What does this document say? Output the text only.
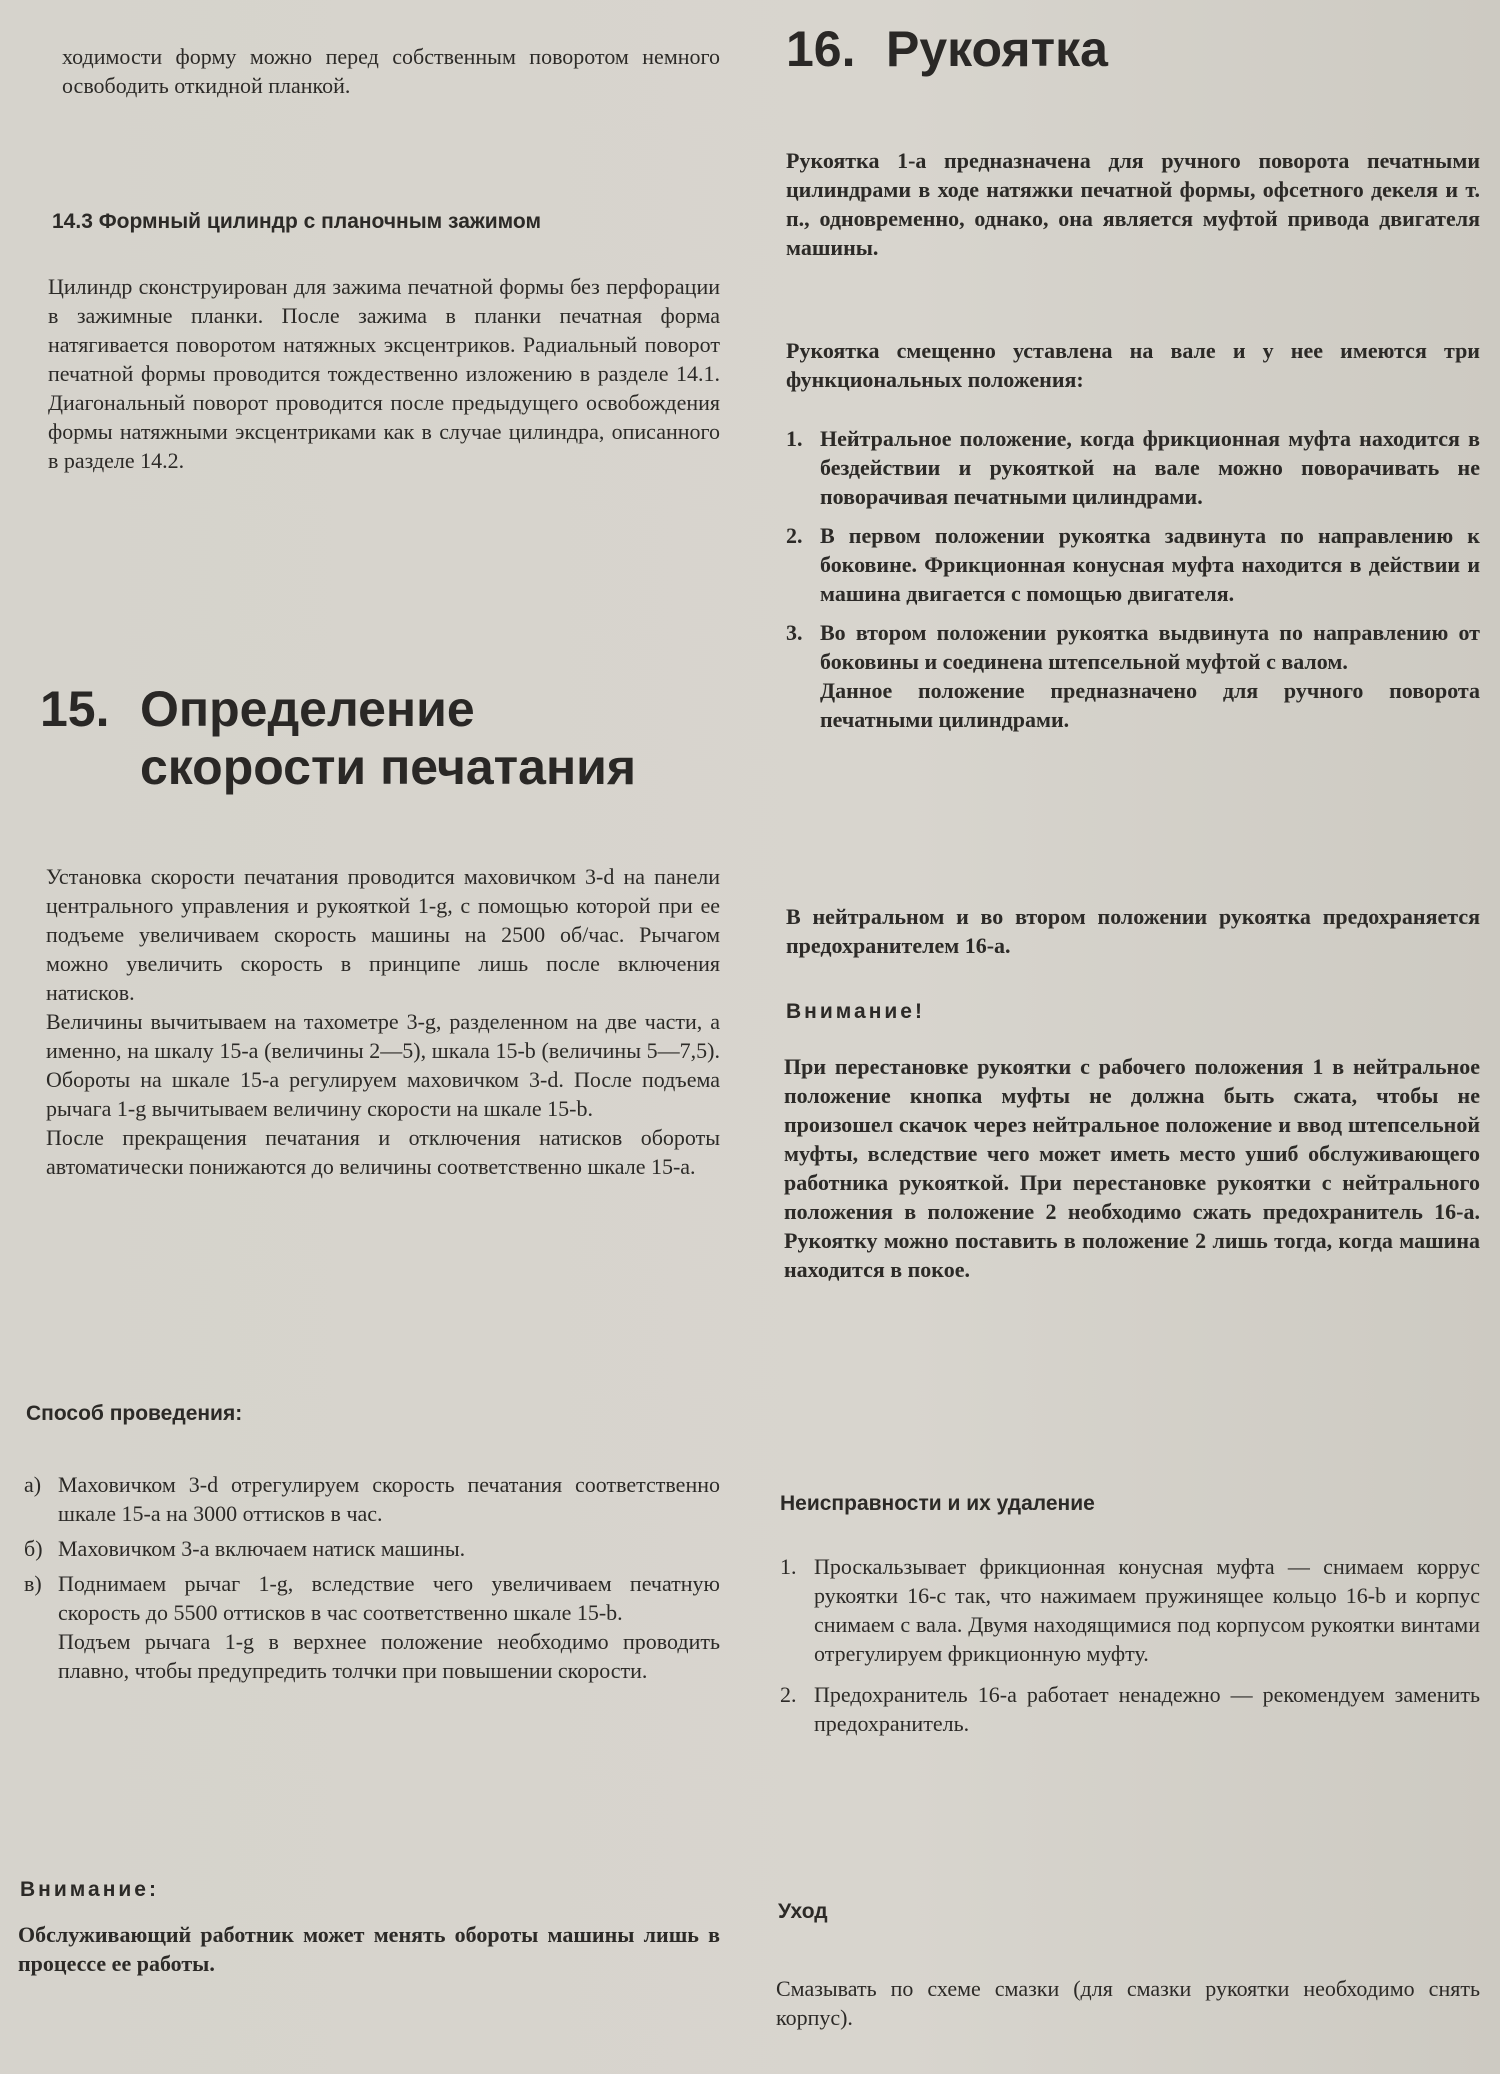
ходимости форму можно перед собственным поворотом немного освободить откидной планкой.

14.3 Формный цилиндр с планочным зажимом

Цилиндр сконструирован для зажима печатной формы без перфорации в зажимные планки. После зажима в планки печатная форма натягивается поворотом натяжных эксцентриков. Радиальный поворот печатной формы проводится тождественно изложению в разделе 14.1. Диагональный поворот проводится после предыдущего освобождения формы натяжными эксцентриками как в случае цилиндра, описанного в разделе 14.2.

15. Определение
скорости печатания

Установка скорости печатания проводится маховичком 3-d на панели центрального управления и рукояткой 1-g, с помощью которой при ее подъеме увеличиваем скорость машины на 2500 об/час. Рычагом можно увеличить скорость в принципе лишь после включения натисков.

Величины вычитываем на тахометре 3-g, разделенном на две части, а именно, на шкалу 15-а (величины 2—5), шкала 15-b (величины 5—7,5). Обороты на шкале 15-а регулируем маховичком 3-d. После подъема рычага 1-g вычитываем величину скорости на шкале 15-b.

После прекращения печатания и отключения натисков обороты автоматически понижаются до величины соответственно шкале 15-а.

Способ проведения:

а) Маховичком 3-d отрегулируем скорость печатания соответственно шкале 15-а на 3000 оттисков в час.

б) Маховичком 3-а включаем натиск машины.

в) Поднимаем рычаг 1-g, вследствие чего увеличиваем печатную скорость до 5500 оттисков в час соответственно шкале 15-b.

Подъем рычага 1-g в верхнее положение необходимо проводить плавно, чтобы предупредить толчки при повышении скорости.

Внимание:

Обслуживающий работник может менять обороты машины лишь в процессе ее работы.

16. Рукоятка

Рукоятка 1-а предназначена для ручного поворота печатными цилиндрами в ходе натяжки печатной формы, офсетного декеля и т. п., одновременно, однако, она является муфтой привода двигателя машины.

Рукоятка смещенно уставлена на вале и у нее имеются три функциональных положения:

1. Нейтральное положение, когда фрикционная муфта находится в бездействии и рукояткой на вале можно поворачивать не поворачивая печатными цилиндрами.

2. В первом положении рукоятка задвинута по направлению к боковине. Фрикционная конусная муфта находится в действии и машина двигается с помощью двигателя.

3. Во втором положении рукоятка выдвинута по направлению от боковины и соединена штепсельной муфтой с валом.

Данное положение предназначено для ручного поворота печатными цилиндрами.

В нейтральном и во втором положении рукоятка предохраняется предохранителем 16-а.

Внимание!

При перестановке рукоятки с рабочего положения 1 в нейтральное положение кнопка муфты не должна быть сжата, чтобы не произошел скачок через нейтральное положение и ввод штепсельной муфты, вследствие чего может иметь место ушиб обслуживающего работника рукояткой. При перестановке рукоятки с нейтрального положения в положение 2 необходимо сжать предохранитель 16-а. Рукоятку можно поставить в положение 2 лишь тогда, когда машина находится в покое.

Неисправности и их удаление

1. Проскальзывает фрикционная конусная муфта — снимаем коррус рукоятки 16-с так, что нажимаем пружинящее кольцо 16-b и корпус снимаем с вала. Двумя находящимися под корпусом рукоятки винтами отрегулируем фрикционную муфту.

2. Предохранитель 16-а работает ненадежно — рекомендуем заменить предохранитель.

Уход

Смазывать по схеме смазки (для смазки рукоятки необходимо снять корпус).
